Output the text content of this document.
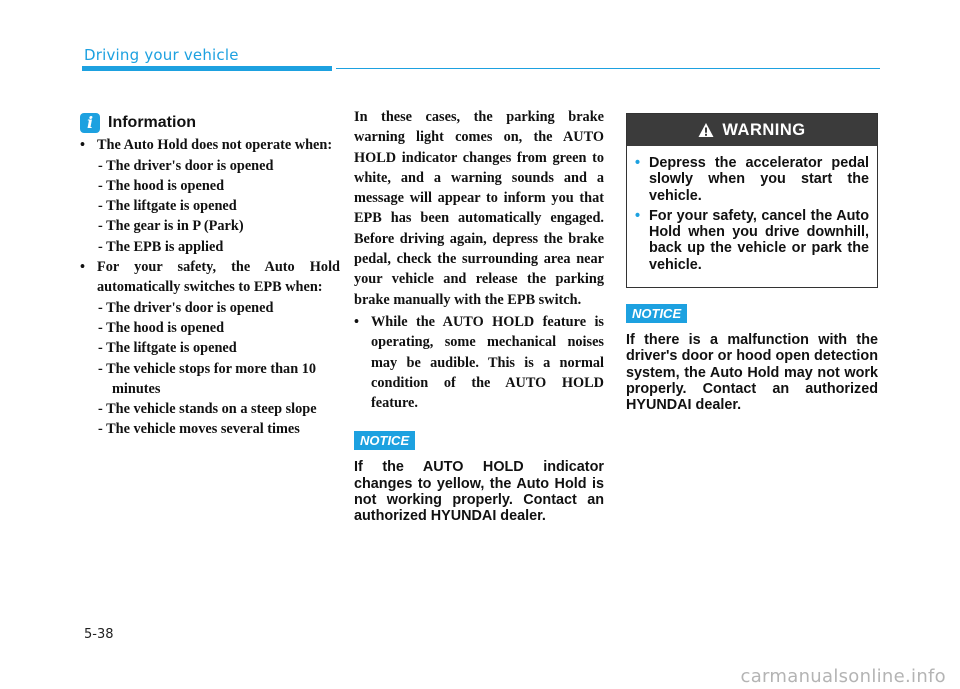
Driving your vehicle
i Information
• The Auto Hold does not operate when:
- The driver's door is opened
- The hood is opened
- The liftgate is opened
- The gear is in P (Park)
- The EPB is applied
• For your safety, the Auto Hold automatically switches to EPB when:
- The driver's door is opened
- The hood is opened
- The liftgate is opened
- The vehicle stops for more than 10 minutes
- The vehicle stands on a steep slope
- The vehicle moves several times
In these cases, the parking brake warning light comes on, the AUTO HOLD indicator changes from green to white, and a warning sounds and a message will appear to inform you that EPB has been automatically engaged. Before driving again, depress the brake pedal, check the surrounding area near your vehicle and release the parking brake manually with the EPB switch.
• While the AUTO HOLD feature is operating, some mechanical noises may be audible. This is a normal condition of the AUTO HOLD feature.
NOTICE
If the AUTO HOLD indicator changes to yellow, the Auto Hold is not working properly. Contact an authorized HYUNDAI dealer.
WARNING
• Depress the accelerator pedal slowly when you start the vehicle.
• For your safety, cancel the Auto Hold when you drive downhill, back up the vehicle or park the vehicle.
NOTICE
If there is a malfunction with the driver's door or hood open detection system, the Auto Hold may not work properly. Contact an authorized HYUNDAI dealer.
5-38
carmanualsonline.info
